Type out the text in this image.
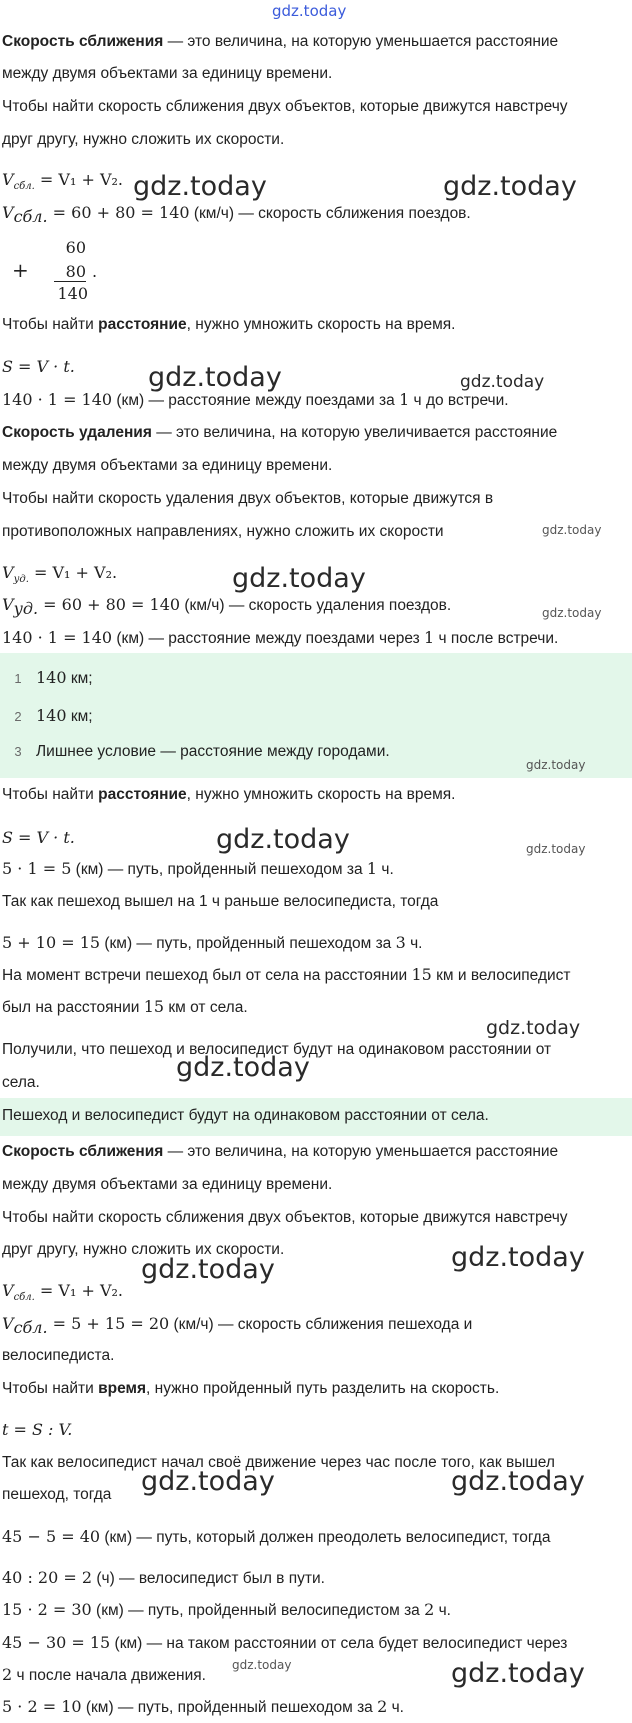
gdz.today
Скорость сближения — это величина, на которую уменьшается расстояние
между двумя объектами за единицу времени.
Чтобы найти скорость сближения двух объектов, которые движутся навстречу
друг другу, нужно сложить их скорости.
$V_{сбл.} = V_1 + V_2$.
$V_{сбл.} = 60 + 80 = 140$ (км/ч) — скорость сближения поездов.
+
60
80
140
.
Чтобы найти расстояние, нужно умножить скорость на время.
S = V · t.
140 · 1 = 140 (км) — расстояние между поездами за 1 ч до встречи.
Скорость удаления — это величина, на которую увеличивается расстояние
между двумя объектами за единицу времени.
Чтобы найти скорость удаления двух объектов, которые движутся в
противоположных направлениях, нужно сложить их скорости
$V_{уд.} = V_1 + V_2$.
$V_{уд.} = 60 + 80 = 140$ (км/ч) — скорость удаления поездов.
140 · 1 = 140 (км) — расстояние между поездами через 1 ч после встречи.
1 140 км;
2 140 км;
3 Лишнее условие — расстояние между городами.
Чтобы найти расстояние, нужно умножить скорость на время.
S = V · t.
5 · 1 = 5 (км) — путь, пройденный пешеходом за 1 ч.
Так как пешеход вышел на 1 ч раньше велосипедиста, тогда
5 + 10 = 15 (км) — путь, пройденный пешеходом за 3 ч.
На момент встречи пешеход был от села на расстоянии 15 км и велосипедист
был на расстоянии 15 км от села.
Получили, что пешеход и велосипедист будут на одинаковом расстоянии от
села.
Пешеход и велосипедист будут на одинаковом расстоянии от села.
Скорость сближения — это величина, на которую уменьшается расстояние
между двумя объектами за единицу времени.
Чтобы найти скорость сближения двух объектов, которые движутся навстречу
друг другу, нужно сложить их скорости.
$V_{сбл.} = V_1 + V_2$.
$V_{сбл.} = 5 + 15 = 20$ (км/ч) — скорость сближения пешехода и
велосипедиста.
Чтобы найти время, нужно пройденный путь разделить на скорость.
t = S : V.
Так как велосипедист начал своё движение через час после того, как вышел
пешеход, тогда
45 − 5 = 40 (км) — путь, который должен преодолеть велосипедист, тогда
40 : 20 = 2 (ч) — велосипедист был в пути.
15 · 2 = 30 (км) — путь, пройденный велосипедистом за 2 ч.
45 − 30 = 15 (км) — на таком расстоянии от села будет велосипедист через
2 ч после начала движения.
5 · 2 = 10 (км) — путь, пройденный пешеходом за 2 ч.
gdz.today	gdz.today
gdz.today	gdz.today
gdz.today
gdz.today
gdz.today
gdz.today
gdz.today	gdz.today
gdz.today
gdz.today
gdz.today	gdz.today
gdz.today	gdz.today
gdz.today	gdz.today
